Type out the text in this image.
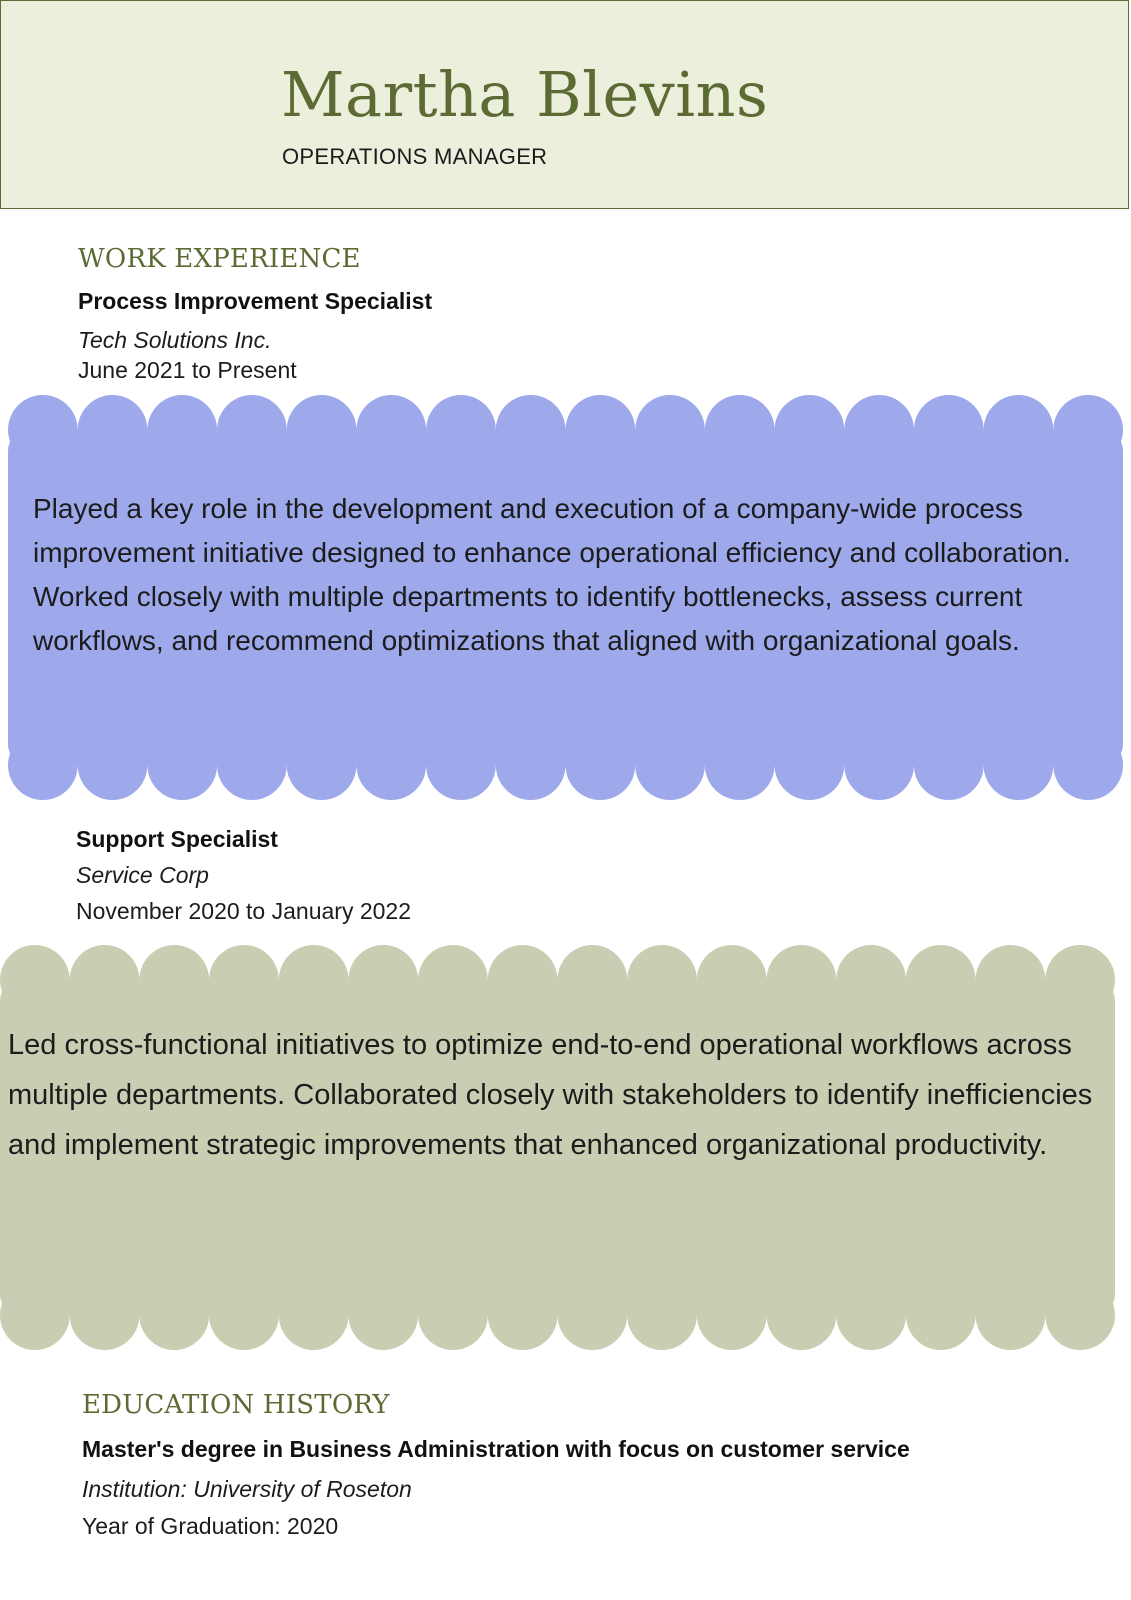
Martha Blevins
OPERATIONS MANAGER
WORK EXPERIENCE
Process Improvement Specialist
Tech Solutions Inc.
June 2021 to Present

Played a key role in the development and execution of a company-wide process improvement initiative designed to enhance operational efficiency and collaboration. Worked closely with multiple departments to identify bottlenecks, assess current workflows, and recommend optimizations that aligned with organizational goals.

Support Specialist
Service Corp
November 2020 to January 2022

Led cross-functional initiatives to optimize end-to-end operational workflows across multiple departments. Collaborated closely with stakeholders to identify inefficiencies and implement strategic improvements that enhanced organizational productivity.

EDUCATION HISTORY
Master's degree in Business Administration with focus on customer service
Institution: University of Roseton
Year of Graduation: 2020
